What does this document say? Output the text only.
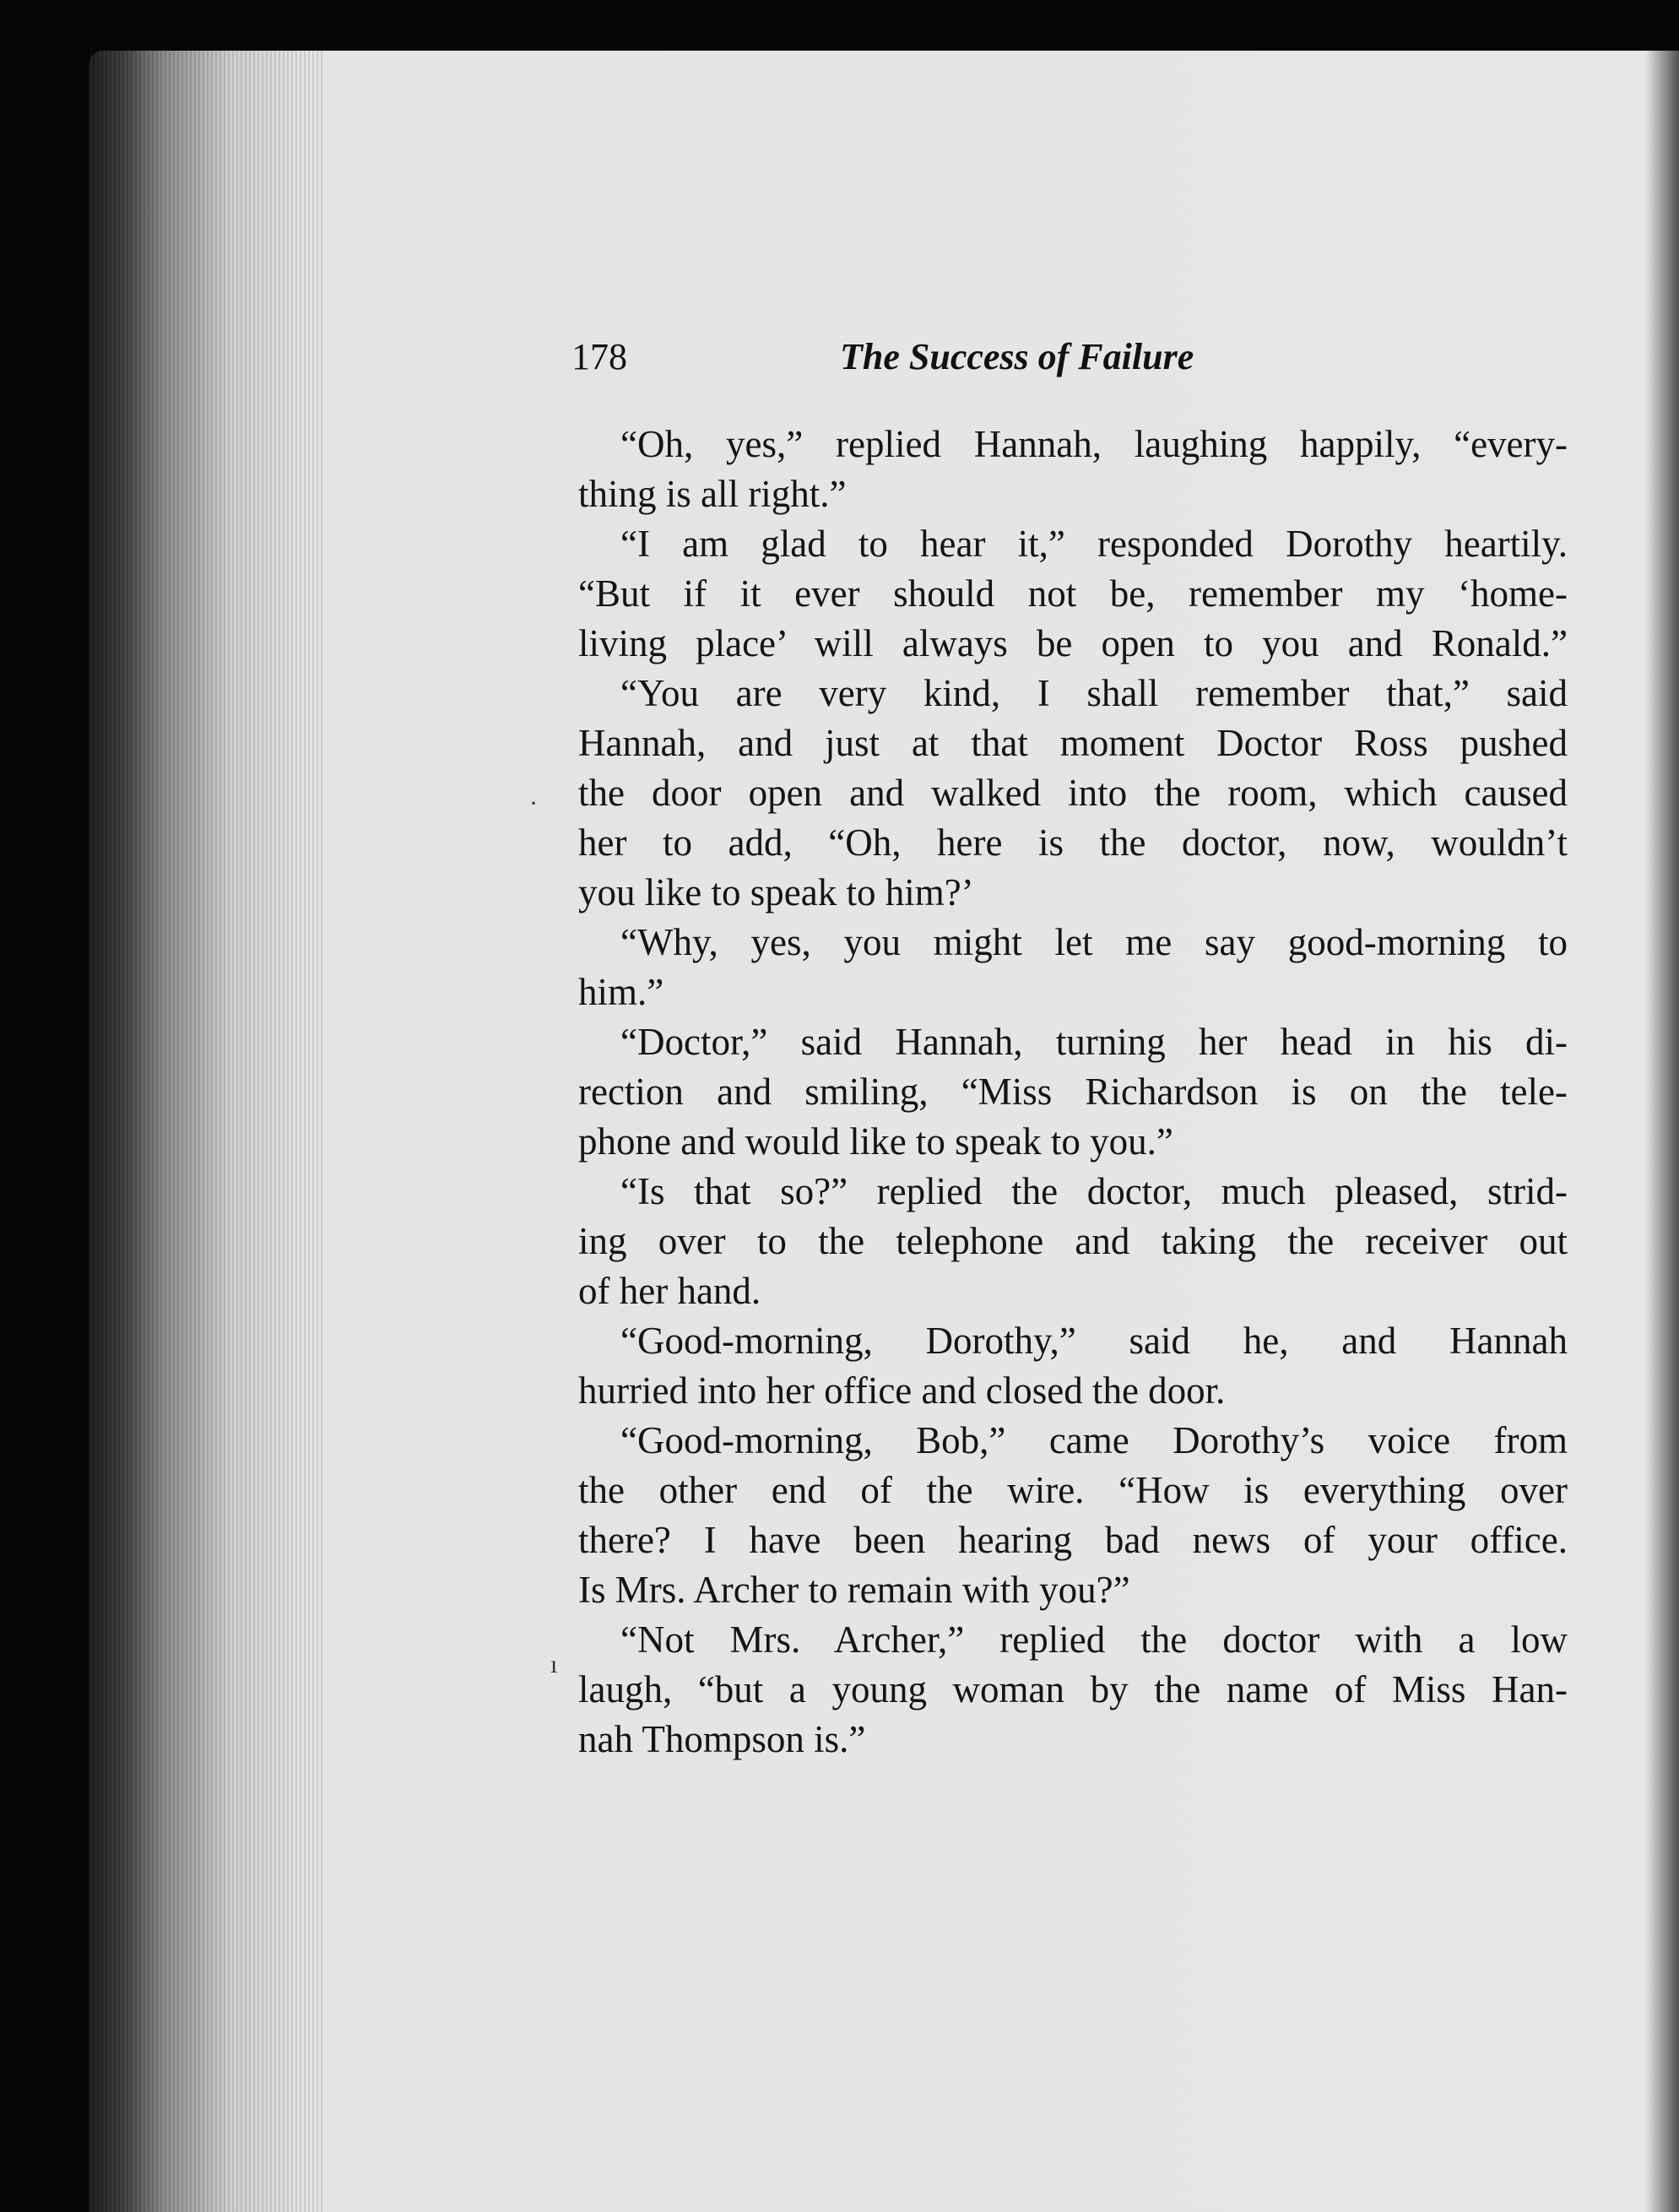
178	The Success of Failure
“Oh, yes,” replied Hannah, laughing happily, “every-
thing is all right.”
“I am glad to hear it,” responded Dorothy heartily.
“But if it ever should not be, remember my ‘home-
living place’ will always be open to you and Ronald.”
“You are very kind, I shall remember that,” said
Hannah, and just at that moment Doctor Ross pushed
the door open and walked into the room, which caused
her to add, “Oh, here is the doctor, now, wouldn’t
you like to speak to him?’
“Why, yes, you might let me say good-morning to
him.”
“Doctor,” said Hannah, turning her head in his di-
rection and smiling, “Miss Richardson is on the tele-
phone and would like to speak to you.”
“Is that so?” replied the doctor, much pleased, strid-
ing over to the telephone and taking the receiver out
of her hand.
“Good-morning, Dorothy,” said he, and Hannah
hurried into her office and closed the door.
“Good-morning, Bob,” came Dorothy’s voice from
the other end of the wire. “How is everything over
there? I have been hearing bad news of your office.
Is Mrs. Archer to remain with you?”
“Not Mrs. Archer,” replied the doctor with a low
laugh, “but a young woman by the name of Miss Han-
nah Thompson is.”
·
ı
